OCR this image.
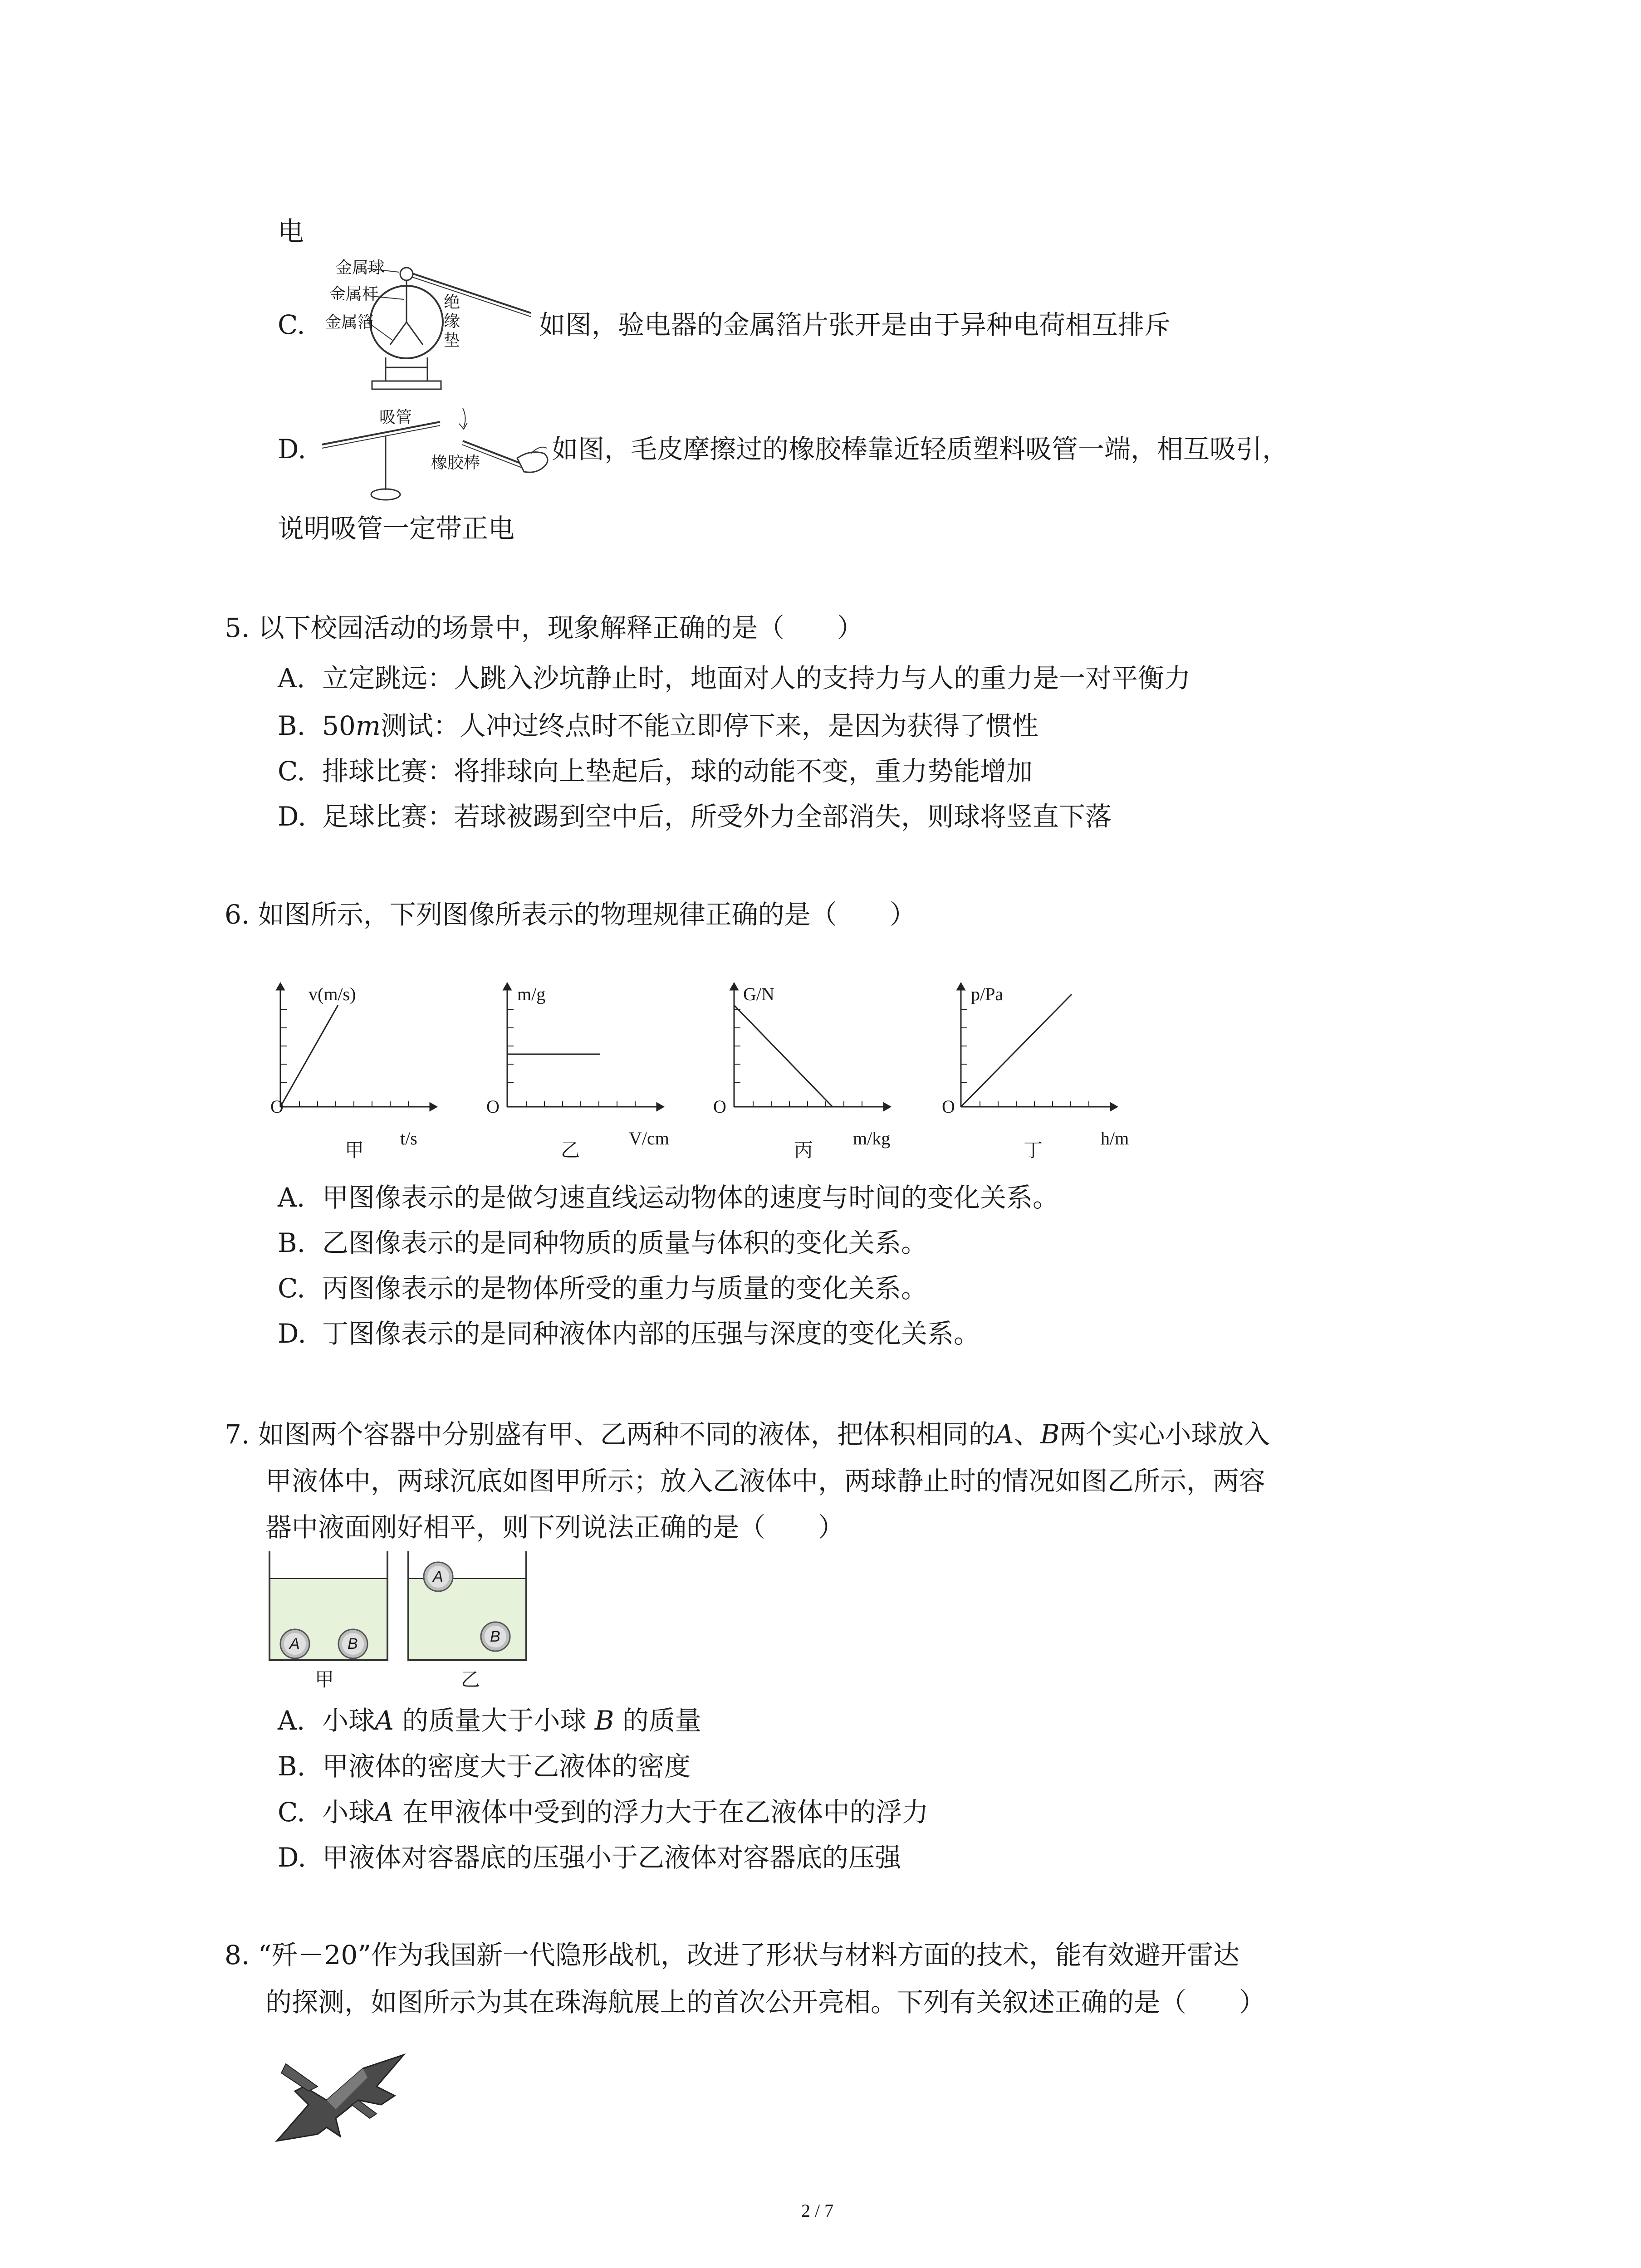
电
C.
金属球
金属杆
金属箔
绝
缘
垫	如图，验电器的金属箔片张开是由于异种电荷相互排斥
D.
吸管
橡胶棒	如图，毛皮摩擦过的橡胶棒靠近轻质塑料吸管一端，相互吸引，
说明吸管一定带正电
5. 以下校园活动的场景中，现象解释正确的是（　　）
A. 立定跳远：人跳入沙坑静止时，地面对人的支持力与人的重力是一对平衡力
B. 50m测试：人冲过终点时不能立即停下来，是因为获得了惯性
C. 排球比赛：将排球向上垫起后，球的动能不变，重力势能增加
D. 足球比赛：若球被踢到空中后，所受外力全部消失，则球将竖直下落
6. 如图所示，下列图像所表示的物理规律正确的是（　　）
v(m/s)
O
t/s
甲
m/g
O
V/cm
乙
G/N
O
m/kg
丙
p/Pa
O
h/m
丁
A. 甲图像表示的是做匀速直线运动物体的速度与时间的变化关系。
B. 乙图像表示的是同种物质的质量与体积的变化关系。
C. 丙图像表示的是物体所受的重力与质量的变化关系。
D. 丁图像表示的是同种液体内部的压强与深度的变化关系。
7. 如图两个容器中分别盛有甲、乙两种不同的液体，把体积相同的A、B两个实心小球放入
甲液体中，两球沉底如图甲所示；放入乙液体中，两球静止时的情况如图乙所示，两容
器中液面刚好相平，则下列说法正确的是（　　）
A	B
A
B
甲	乙
A. 小球A 的质量大于小球 B 的质量
B. 甲液体的密度大于乙液体的密度
C. 小球A 在甲液体中受到的浮力大于在乙液体中的浮力
D. 甲液体对容器底的压强小于乙液体对容器底的压强
8. “歼－20”作为我国新一代隐形战机，改进了形状与材料方面的技术，能有效避开雷达
的探测，如图所示为其在珠海航展上的首次公开亮相。下列有关叙述正确的是（　　）
2 / 7
